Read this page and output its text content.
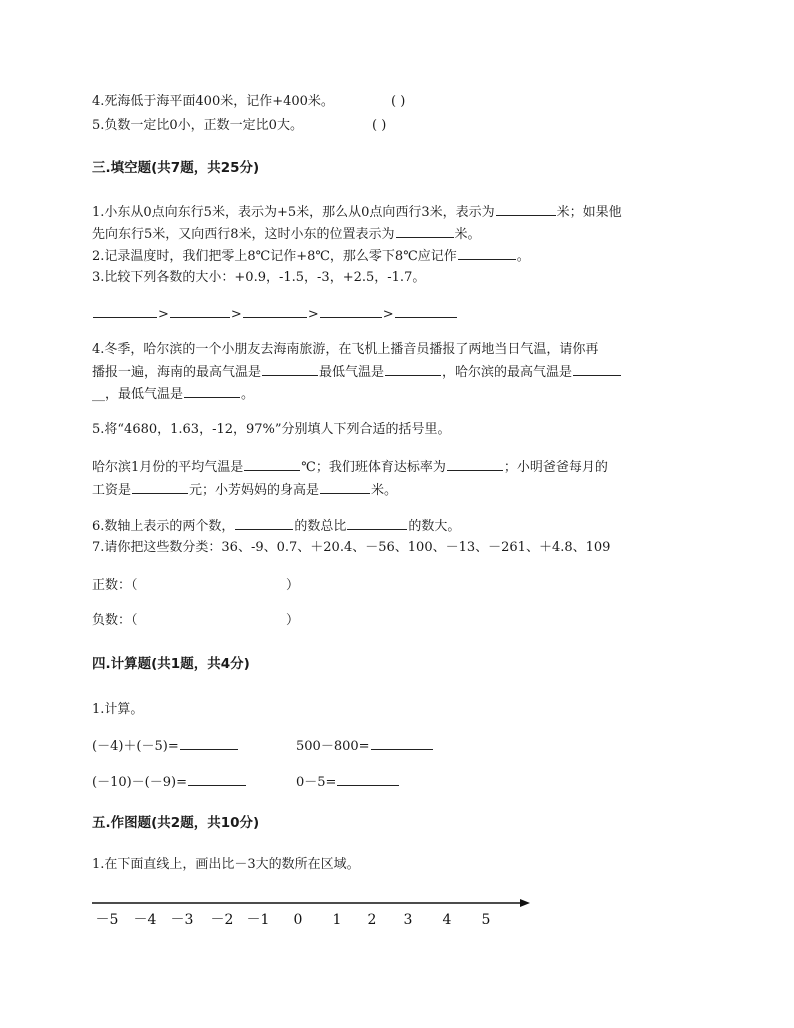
4.死海低于海平面400米，记作+400米。	( )
5.负数一定比0小，正数一定比0大。	( )
三.填空题(共7题，共25分)
1.小东从0点向东行5米，表示为+5米，那么从0点向西行3米，表示为	米；如果他
先向东行5米，又向西行8米，这时小东的位置表示为	米。
2.记录温度时，我们把零上8℃记作+8℃，那么零下8℃应记作	。
3.比较下列各数的大小：+0.9，-1.5，-3，+2.5，-1.7。
>	>	>	>
4.冬季，哈尔滨的一个小朋友去海南旅游，在飞机上播音员播报了两地当日气温，请你再
播报一遍，海南的最高气温是	最低气温是	，哈尔滨的最高气温是
__，最低气温是	。
5.将“4680，1.63，-12，97%”分别填人下列合适的括号里。
哈尔滨1月份的平均气温是	℃；我们班体育达标率为	；小明爸爸每月的
工资是	元；小芳妈妈的身高是	米。
6.数轴上表示的两个数，	的数总比	的数大。
7.请你把这些数分类：36、-9、0.7、＋20.4、－56、100、－13、－261、＋4.8、109
正数：（	）
负数：（	）
四.计算题(共1题，共4分)
1.计算。
(－4)＋(－5)=	500－800=
(－10)－(－9)=	0－5=
五.作图题(共2题，共10分)
1.在下面直线上，画出比－3大的数所在区域。
－5 －4 －3 －2 －1 0 1 2 3 4 5
